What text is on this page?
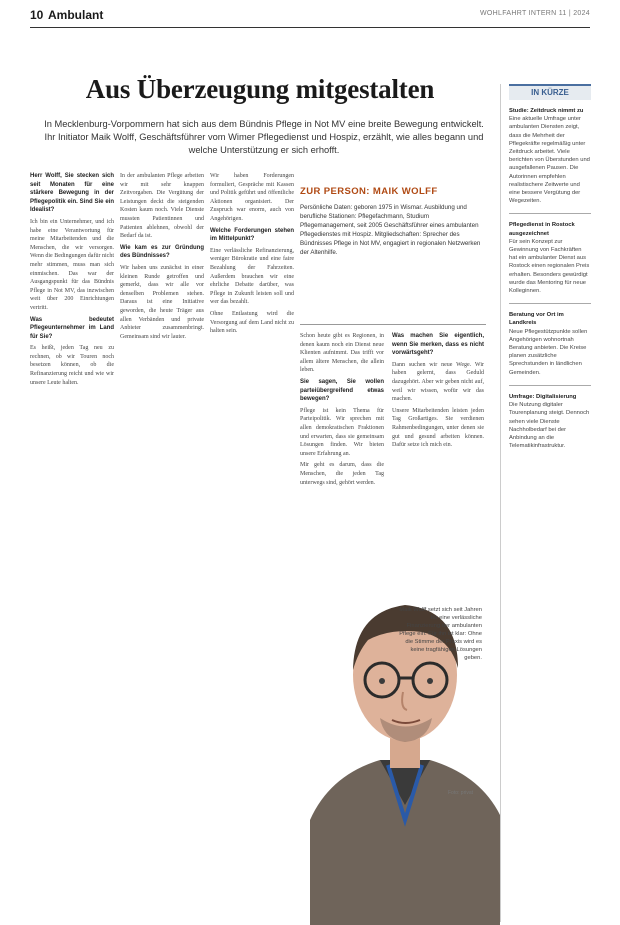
10 Ambulant	WOHLFAHRT INTERN 11 | 2024
Aus Überzeugung mitgestalten
In Mecklenburg-Vorpommern hat sich aus dem Bündnis Pflege in Not MV eine breite Bewegung entwickelt. Ihr Initiator Maik Wolff, Geschäftsführer vom Wimer Pflegedienst und Hospiz, erzählt, wie alles begann und welche Unterstützung er sich erhofft.

Herr Wolff, Sie stecken sich seit Monaten für eine stärkere Bewegung in der Pflegepolitik ein. Sind Sie ein Idealist?

Ich bin ein Unternehmer, und ich habe eine Verantwortung für meine Mitarbeitenden und die Menschen, die wir versorgen. Wenn die Bedingungen dafür nicht mehr stimmen, muss man sich einmischen. Das war der Ausgangspunkt für das Bündnis Pflege in Not MV, das inzwischen weit über 200 Einrichtungen vertritt.

Was bedeutet Pflegeunternehmer im Land für Sie?

Es heißt, jeden Tag neu zu rechnen, ob wir Touren noch besetzen können, ob die Refinanzierung reicht und wie wir unsere Leute halten.

In der ambulanten Pflege arbeiten wir mit sehr knappen Zeitvorgaben. Die Vergütung der Leistungen deckt die steigenden Kosten kaum noch. Viele Dienste mussten Patientinnen und Patienten ablehnen, obwohl der Bedarf da ist.

Wie kam es zur Gründung des Bündnisses?

Wir haben uns zunächst in einer kleinen Runde getroffen und gemerkt, dass wir alle vor denselben Problemen stehen. Daraus ist eine Initiative geworden, die heute Träger aus allen Verbänden und private Anbieter zusammenbringt. Gemeinsam sind wir lauter.

Wir haben Forderungen formuliert, Gespräche mit Kassen und Politik geführt und öffentliche Aktionen organisiert. Der Zuspruch war enorm, auch von Angehörigen.

Welche Forderungen stehen im Mittelpunkt?

Eine verlässliche Refinanzierung, weniger Bürokratie und eine faire Bezahlung der Fahrzeiten. Außerdem brauchen wir eine ehrliche Debatte darüber, was Pflege in Zukunft leisten soll und wer das bezahlt.

Ohne Entlastung wird die Versorgung auf dem Land nicht zu halten sein.

Schon heute gibt es Regionen, in denen kaum noch ein Dienst neue Klienten aufnimmt. Das trifft vor allem ältere Menschen, die allein leben.

Sie sagen, Sie wollen parteiübergreifend etwas bewegen?

Pflege ist kein Thema für Parteipolitik. Wir sprechen mit allen demokratischen Fraktionen und erwarten, dass sie gemeinsam Lösungen finden. Wir bieten unsere Erfahrung an.

Mir geht es darum, dass die Menschen, die jeden Tag unterwegs sind, gehört werden.

Was machen Sie eigentlich, wenn Sie merken, dass es nicht vorwärtsgeht?

Dann suchen wir neue Wege. Wir haben gelernt, dass Geduld dazugehört. Aber wir geben nicht auf, weil wir wissen, wofür wir das machen.

Unsere Mitarbeitenden leisten jeden Tag Großartiges. Sie verdienen Rahmenbedingungen, unter denen sie gut und gesund arbeiten können. Dafür setze ich mich ein.

ZUR PERSON: MAIK WOLFF
Persönliche Daten: geboren 1975 in Wismar. Ausbildung und berufliche Stationen: Pflegefachmann, Studium Pflegemanagement, seit 2005 Geschäftsführer eines ambulanten Pflegedienstes mit Hospiz. Mitgliedschaften: Sprecher des Bündnisses Pflege in Not MV, engagiert in regionalen Netzwerken der Altenhilfe.
Maik Wolff setzt sich seit Jahren für eine verlässliche Finanzierung der ambulanten Pflege ein. Für ihn ist klar: Ohne die Stimme der Praxis wird es keine tragfähigen Lösungen geben.
Foto: privat
IN KÜRZE
Studie: Zeitdruck nimmt zu
Eine aktuelle Umfrage unter ambulanten Diensten zeigt, dass die Mehrheit der Pflegekräfte regelmäßig unter Zeitdruck arbeitet. Viele berichten von Überstunden und ausgefallenen Pausen. Die Autorinnen empfehlen realistischere Zeitwerte und eine bessere Vergütung der Wegezeiten.
Pflegedienst in Rostock ausgezeichnet
Für sein Konzept zur Gewinnung von Fachkräften hat ein ambulanter Dienst aus Rostock einen regionalen Preis erhalten. Besonders gewürdigt wurde das Mentoring für neue Kolleginnen.
Beratung vor Ort im Landkreis
Neue Pflegestützpunkte sollen Angehörigen wohnortnah Beratung anbieten. Die Kreise planen zusätzliche Sprechstunden in ländlichen Gemeinden.
Umfrage: Digitalisierung
Die Nutzung digitaler Tourenplanung steigt. Dennoch sehen viele Dienste Nachholbedarf bei der Anbindung an die Telematikinfrastruktur.
